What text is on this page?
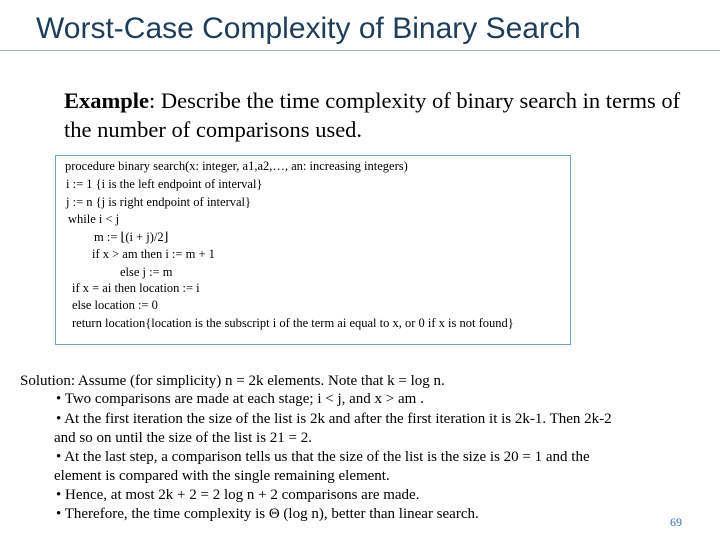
Worst-Case Complexity of Binary Search
Example: Describe the time complexity of binary search in terms of the number of comparisons used.
procedure binary search(x: integer, a1,a2,…, an: increasing integers)
i := 1 {i is the left endpoint of interval}
j := n {j is right endpoint of interval}
while i < j
m := ⌊(i + j)/2⌋
if x > am then i := m + 1
else j := m
if x = ai then location := i
else location := 0
return location{location is the subscript i of the term ai equal to x, or 0 if x is not found}
Solution: Assume (for simplicity) n = 2k elements. Note that k = log n.
• Two comparisons are made at each stage; i < j, and x > am .
• At the first iteration the size of the list is 2k and after the first iteration it is 2k-1. Then 2k-2
and so on until the size of the list is 21 = 2.
• At the last step, a comparison tells us that the size of the list is the size is 20 = 1 and the
element is compared with the single remaining element.
• Hence, at most 2k + 2 = 2 log n + 2 comparisons are made.
• Therefore, the time complexity is Θ (log n), better than linear search.	69
